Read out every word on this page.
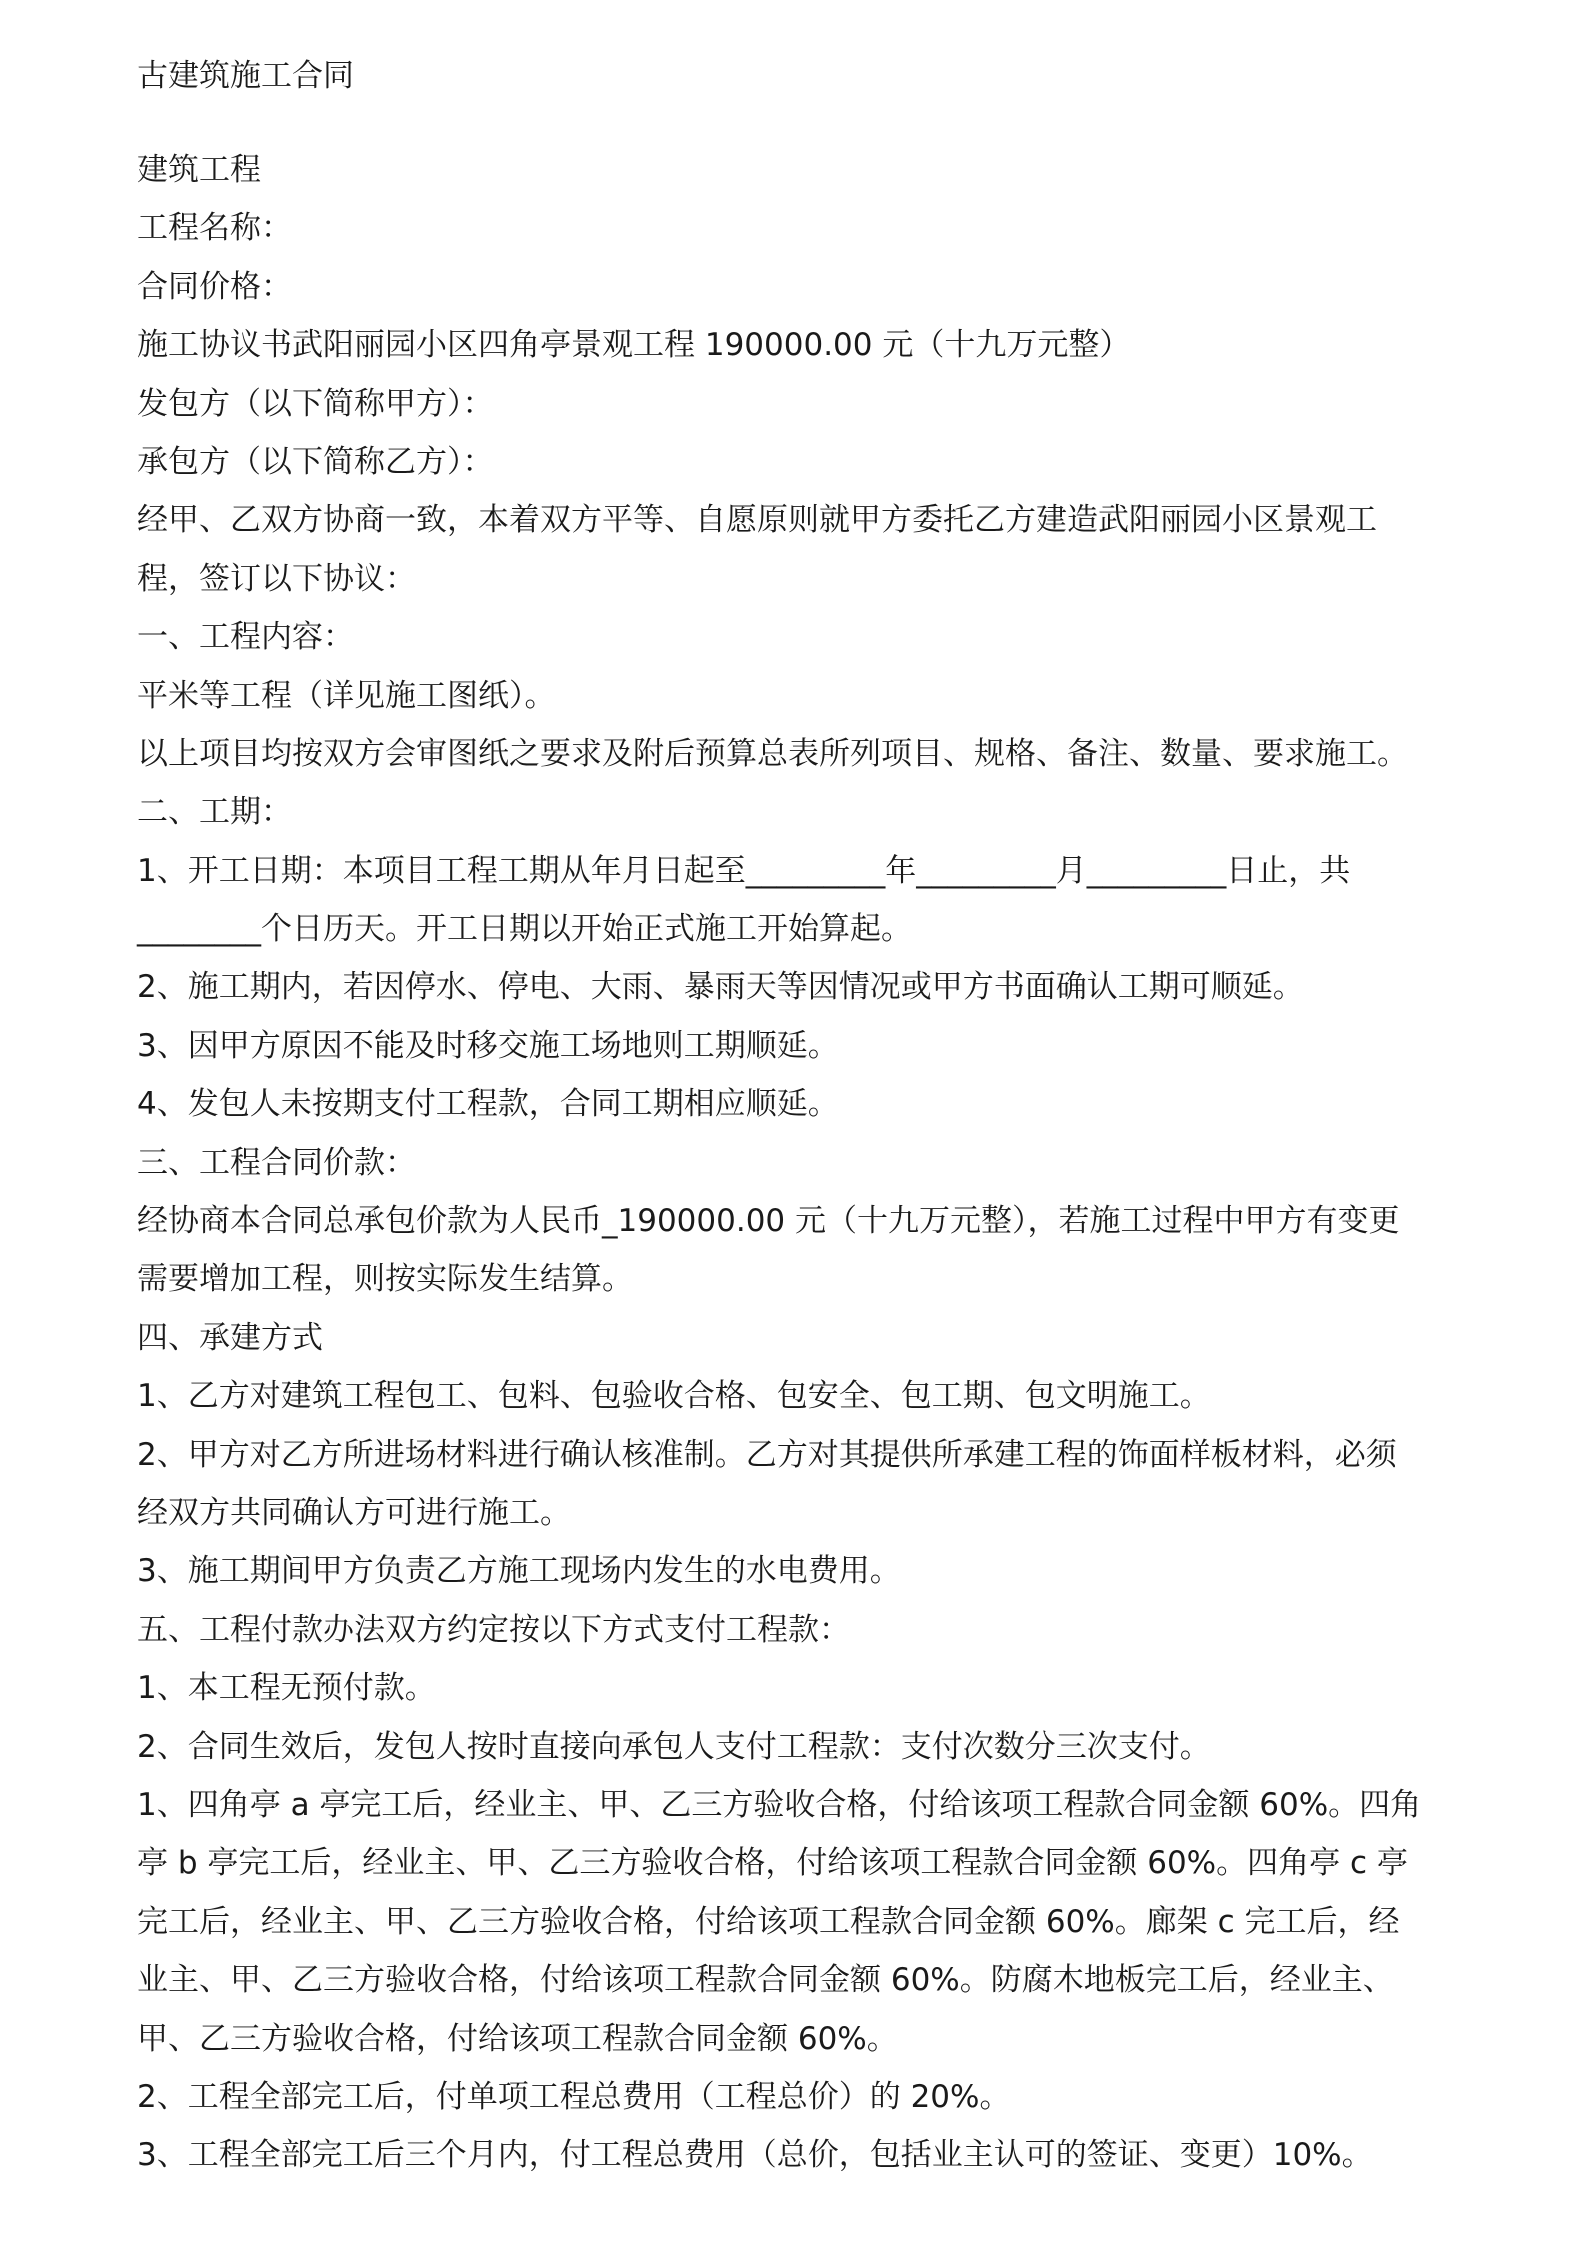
古建筑施工合同
建筑工程
工程名称：
合同价格：
施工协议书武阳丽园小区四角亭景观工程 190000.00 元（十九万元整）
发包方（以下简称甲方）：
承包方（以下简称乙方）：
经甲、乙双方协商一致，本着双方平等、自愿原则就甲方委托乙方建造武阳丽园小区景观工
程，签订以下协议：
一、工程内容：
平米等工程（详见施工图纸）。
以上项目均按双方会审图纸之要求及附后预算总表所列项目、规格、备注、数量、要求施工。
二、工期：
1、开工日期：本项目工程工期从年月日起至_________年_________月_________日止，共
________个日历天。开工日期以开始正式施工开始算起。
2、施工期内，若因停水、停电、大雨、暴雨天等因情况或甲方书面确认工期可顺延。
3、因甲方原因不能及时移交施工场地则工期顺延。
4、发包人未按期支付工程款，合同工期相应顺延。
三、工程合同价款：
经协商本合同总承包价款为人民币_190000.00 元（十九万元整），若施工过程中甲方有变更
需要增加工程，则按实际发生结算。
四、承建方式
1、乙方对建筑工程包工、包料、包验收合格、包安全、包工期、包文明施工。
2、甲方对乙方所进场材料进行确认核准制。乙方对其提供所承建工程的饰面样板材料，必须
经双方共同确认方可进行施工。
3、施工期间甲方负责乙方施工现场内发生的水电费用。
五、工程付款办法双方约定按以下方式支付工程款：
1、本工程无预付款。
2、合同生效后，发包人按时直接向承包人支付工程款：支付次数分三次支付。
1、四角亭 a 亭完工后，经业主、甲、乙三方验收合格，付给该项工程款合同金额 60%。四角
亭 b 亭完工后，经业主、甲、乙三方验收合格，付给该项工程款合同金额 60%。四角亭 c 亭
完工后，经业主、甲、乙三方验收合格，付给该项工程款合同金额 60%。廊架 c 完工后，经
业主、甲、乙三方验收合格，付给该项工程款合同金额 60%。防腐木地板完工后，经业主、
甲、乙三方验收合格，付给该项工程款合同金额 60%。
2、工程全部完工后，付单项工程总费用（工程总价）的 20%。
3、工程全部完工后三个月内，付工程总费用（总价，包括业主认可的签证、变更）10%。
